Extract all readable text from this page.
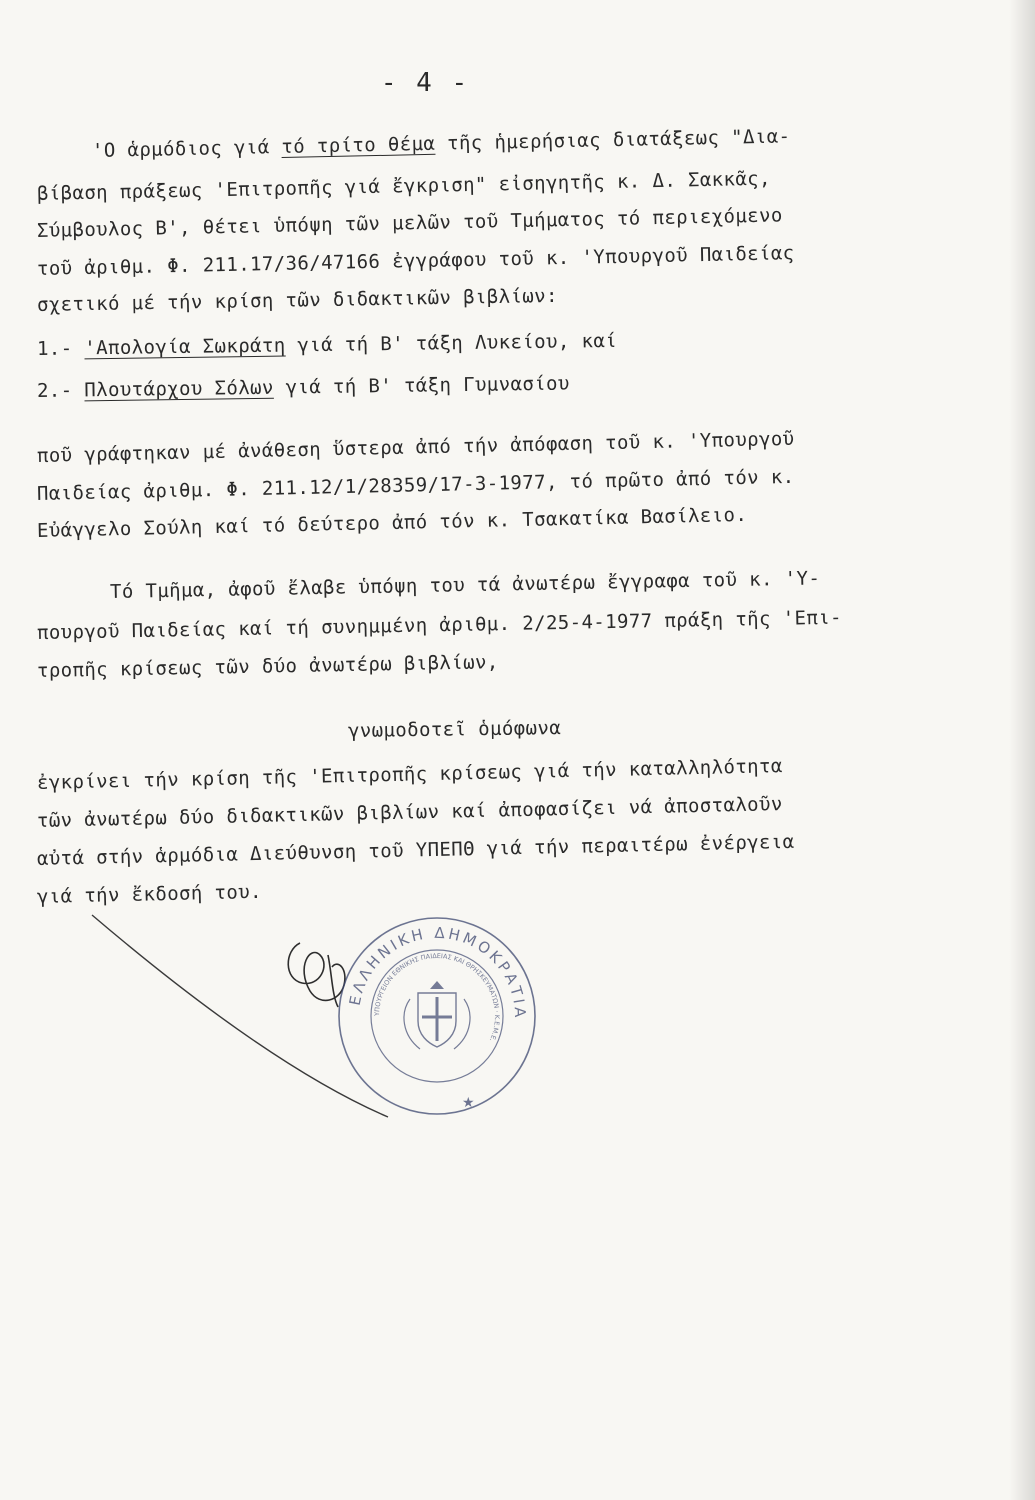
- 4 -
'Ο ἁρμόδιος γιά τό τρίτο θέμα τῆς ἡμερήσιας διατάξεως "Δια-
βίβαση πράξεως 'Επιτροπῆς γιά ἔγκριση" εἰσηγητῆς κ. Δ. Σακκᾶς,
Σύμβουλος Β', θέτει ὑπόψη τῶν μελῶν τοῦ Τμήματος τό περιεχόμενο
τοῦ ἀριθμ. Φ. 211.17/36/47166 ἐγγράφου τοῦ κ. 'Υπουργοῦ Παιδείας
σχετικό μέ τήν κρίση τῶν διδακτικῶν βιβλίων:
1.- 'Απολογία Σωκράτη γιά τή Β' τάξη Λυκείου, καί
2.- Πλουτάρχου Σόλων γιά τή Β' τάξη Γυμνασίου
ποῦ γράφτηκαν μέ ἀνάθεση ὕστερα ἀπό τήν ἀπόφαση τοῦ κ. 'Υπουργοῦ
Παιδείας ἀριθμ. Φ. 211.12/1/28359/17-3-1977, τό πρῶτο ἀπό τόν κ.
Εὐάγγελο Σούλη καί τό δεύτερο ἀπό τόν κ. Τσακατίκα Βασίλειο.
Τό Τμῆμα, ἀφοῦ ἔλαβε ὑπόψη του τά ἀνωτέρω ἔγγραφα τοῦ κ. 'Υ-
πουργοῦ Παιδείας καί τή συνημμένη ἀριθμ. 2/25-4-1977 πράξη τῆς 'Επι-
τροπῆς κρίσεως τῶν δύο ἀνωτέρω βιβλίων,
γνωμοδοτεῖ ὁμόφωνα
ἐγκρίνει τήν κρίση τῆς 'Επιτροπῆς κρίσεως γιά τήν καταλληλότητα
τῶν ἀνωτέρω δύο διδακτικῶν βιβλίων καί ἀποφασίζει νά ἀποσταλοῦν
αὐτά στήν ἁρμόδια Διεύθυνση τοῦ ΥΠΕΠΘ γιά τήν περαιτέρω ἐνέργεια
γιά τήν ἔκδοσή του.
ΕΛΛΗΝΙΚΗ ΔΗΜΟΚΡΑΤΙΑ
ΥΠΟΥΡΓΕΙΟΝ ΕΘΝΙΚΗΣ ΠΑΙΔΕΙΑΣ ΚΑΙ ΘΡΗΣΚΕΥΜΑΤΩΝ · Κ.Ε.Μ.Ε.
★
